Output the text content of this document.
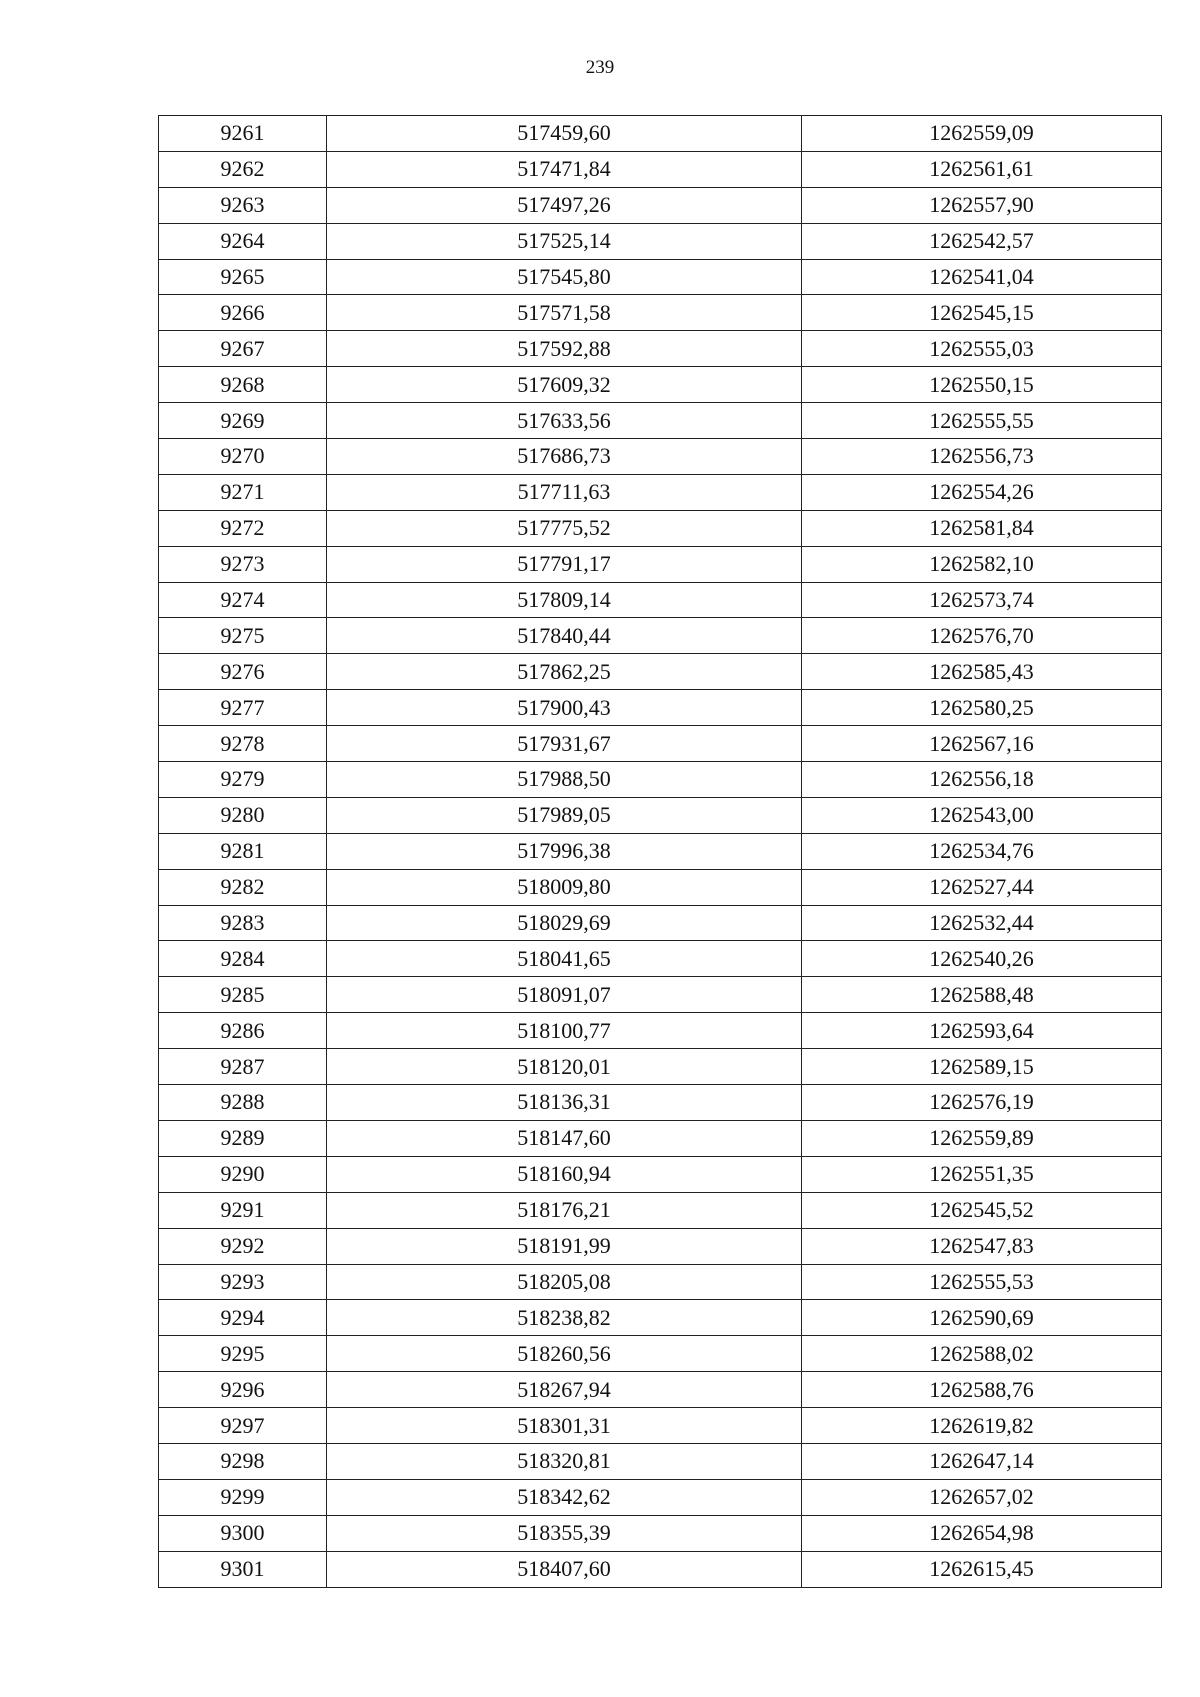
239
9261	517459,60	1262559,09
9262	517471,84	1262561,61
9263	517497,26	1262557,90
9264	517525,14	1262542,57
9265	517545,80	1262541,04
9266	517571,58	1262545,15
9267	517592,88	1262555,03
9268	517609,32	1262550,15
9269	517633,56	1262555,55
9270	517686,73	1262556,73
9271	517711,63	1262554,26
9272	517775,52	1262581,84
9273	517791,17	1262582,10
9274	517809,14	1262573,74
9275	517840,44	1262576,70
9276	517862,25	1262585,43
9277	517900,43	1262580,25
9278	517931,67	1262567,16
9279	517988,50	1262556,18
9280	517989,05	1262543,00
9281	517996,38	1262534,76
9282	518009,80	1262527,44
9283	518029,69	1262532,44
9284	518041,65	1262540,26
9285	518091,07	1262588,48
9286	518100,77	1262593,64
9287	518120,01	1262589,15
9288	518136,31	1262576,19
9289	518147,60	1262559,89
9290	518160,94	1262551,35
9291	518176,21	1262545,52
9292	518191,99	1262547,83
9293	518205,08	1262555,53
9294	518238,82	1262590,69
9295	518260,56	1262588,02
9296	518267,94	1262588,76
9297	518301,31	1262619,82
9298	518320,81	1262647,14
9299	518342,62	1262657,02
9300	518355,39	1262654,98
9301	518407,60	1262615,45
